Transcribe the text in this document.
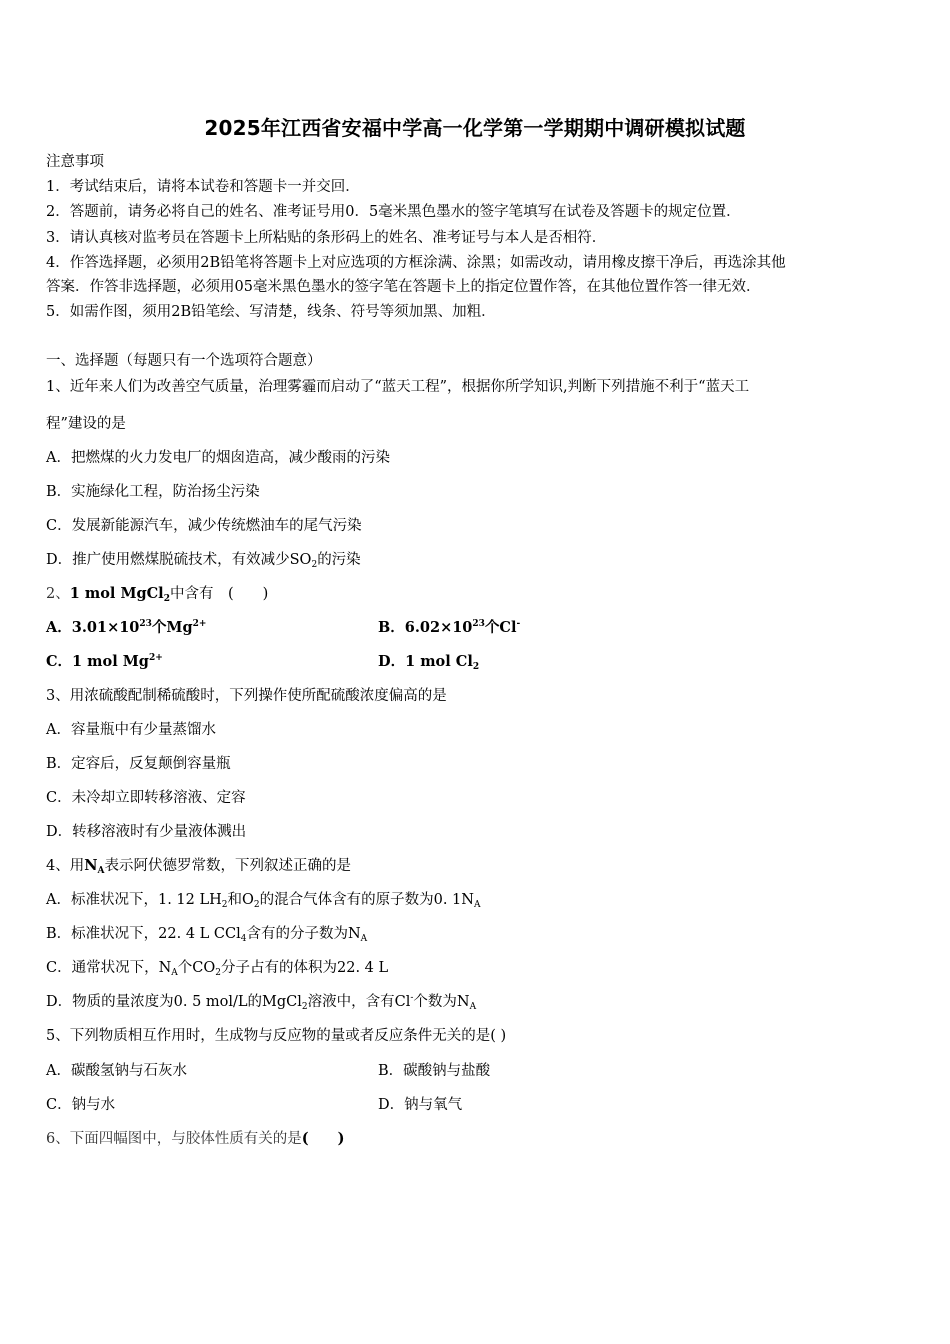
2025年江西省安福中学高一化学第一学期期中调研模拟试题
注意事项
1．考试结束后，请将本试卷和答题卡一并交回．
2．答题前，请务必将自己的姓名、准考证号用0．5毫米黑色墨水的签字笔填写在试卷及答题卡的规定位置．
3．请认真核对监考员在答题卡上所粘贴的条形码上的姓名、准考证号与本人是否相符．
4．作答选择题，必须用2B铅笔将答题卡上对应选项的方框涂满、涂黑；如需改动，请用橡皮擦干净后，再选涂其他
答案．作答非选择题，必须用05毫米黑色墨水的签字笔在答题卡上的指定位置作答，在其他位置作答一律无效．
5．如需作图，须用2B铅笔绘、写清楚，线条、符号等须加黑、加粗．
一、选择题（每题只有一个选项符合题意）
1、近年来人们为改善空气质量，治理雾霾而启动了“蓝天工程”，根据你所学知识,判断下列措施不利于“蓝天工
程”建设的是
A．把燃煤的火力发电厂的烟囱造高，减少酸雨的污染
B．实施绿化工程，防治扬尘污染
C．发展新能源汽车，减少传统燃油车的尾气污染
D．推广使用燃煤脱硫技术，有效减少$SO_2$的污染
2、1 mol MgCl$_2$中含有　(　　)
A．$3.01\times 10^{23}$个$Mg^{2+}$	B．$6.02\times 10^{23}$个Cl-
C．1 mol $Mg^{2+}$	D．1 mol $Cl_2$
3、用浓硫酸配制稀硫酸时，下列操作使所配硫酸浓度偏高的是
A．容量瓶中有少量蒸馏水
B．定容后，反复颠倒容量瓶
C．未冷却立即转移溶液、定容
D．转移溶液时有少量液体溅出
4、用$N_A$表示阿伏德罗常数，下列叙述正确的是
A．标准状况下，1. 12 $LH_2$和$O_2$的混合气体含有的原子数为0. $1N_A$
B．标准状况下，22. 4 L CCl$_4$含有的分子数为$N_A$
C．通常状况下，$N_A$个$CO_2$分子占有的体积为22. 4 L
D．物质的量浓度为0. 5 mol/L的MgCl$_2$溶液中，含有Cl-个数为$N_A$
5、下列物质相互作用时，生成物与反应物的量或者反应条件无关的是( )
A．碳酸氢钠与石灰水	B．碳酸钠与盐酸
C．钠与水	D．钠与氧气
6、下面四幅图中，与胶体性质有关的是(　　)
